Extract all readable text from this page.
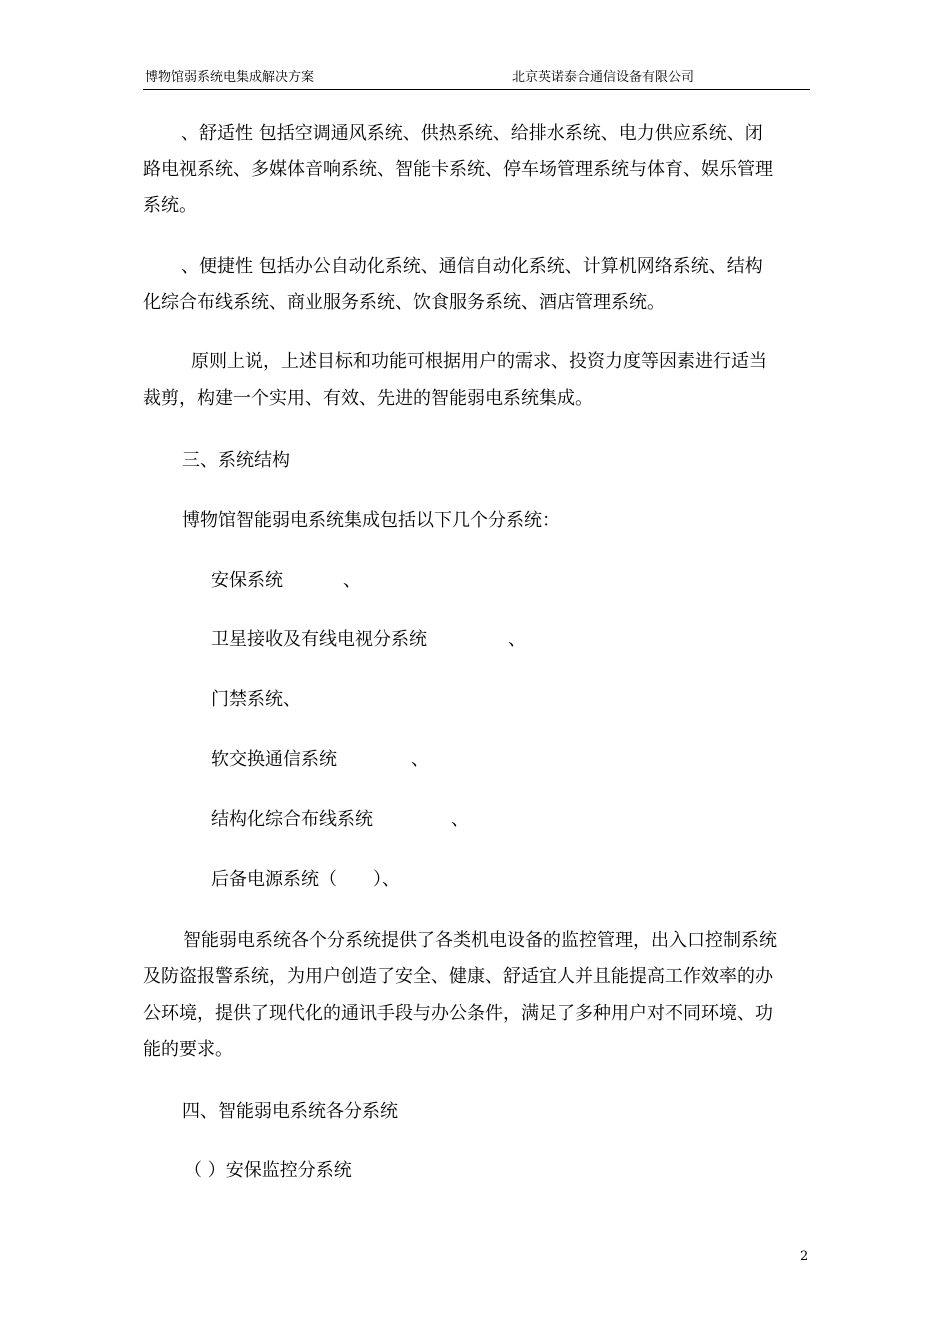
博物馆弱系统电集成解决方案	北京英诺泰合通信设备有限公司
、舒适性 包括空调通风系统、供热系统、给排水系统、电力供应系统、闭
路电视系统、多媒体音响系统、智能卡系统、停车场管理系统与体育、娱乐管理
系统。
、便捷性 包括办公自动化系统、通信自动化系统、计算机网络系统、结构
化综合布线系统、商业服务系统、饮食服务系统、酒店管理系统。
原则上说，上述目标和功能可根据用户的需求、投资力度等因素进行适当
裁剪，构建一个实用、有效、先进的智能弱电系统集成。
三、系统结构
博物馆智能弱电系统集成包括以下几个分系统：
安保系统	、
卫星接收及有线电视分系统	、
门禁系统、
软交换通信系统	、
结构化综合布线系统	、
后备电源系统（ ）、
智能弱电系统各个分系统提供了各类机电设备的监控管理，出入口控制系统
及防盗报警系统，为用户创造了安全、健康、舒适宜人并且能提高工作效率的办
公环境，提供了现代化的通讯手段与办公条件，满足了多种用户对不同环境、功
能的要求。
四、智能弱电系统各分系统
（ ）安保监控分系统
2
